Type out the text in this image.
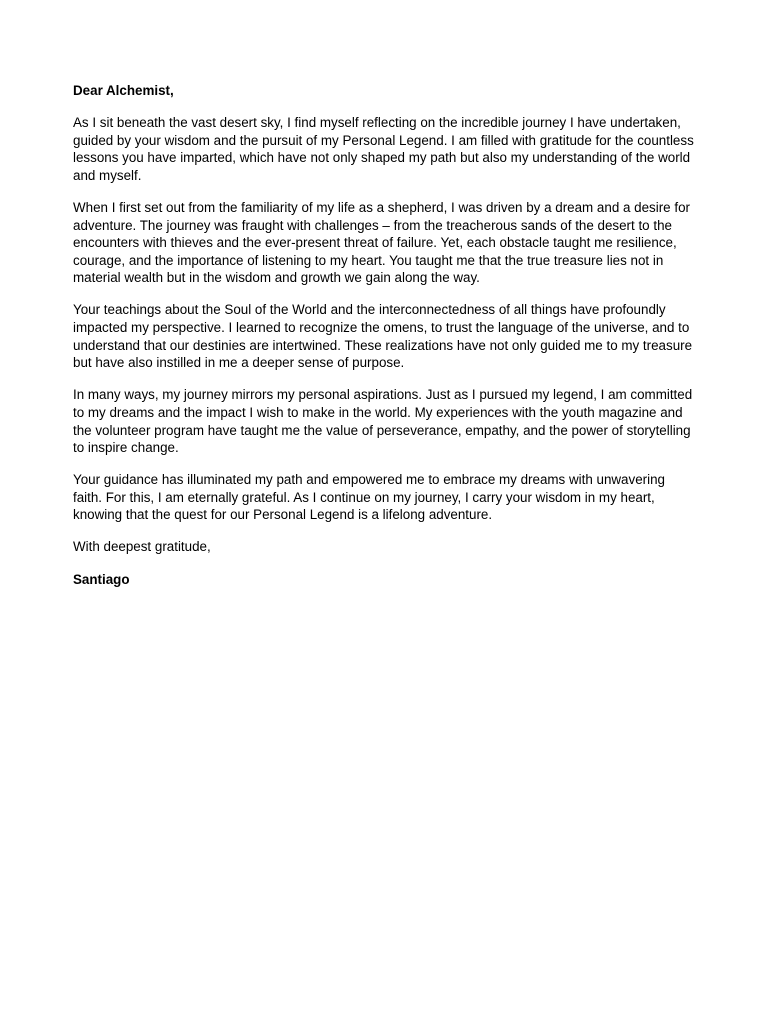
Dear Alchemist,

As I sit beneath the vast desert sky, I find myself reflecting on the incredible journey I have undertaken, guided by your wisdom and the pursuit of my Personal Legend. I am filled with gratitude for the countless lessons you have imparted, which have not only shaped my path but also my understanding of the world and myself.

When I first set out from the familiarity of my life as a shepherd, I was driven by a dream and a desire for adventure. The journey was fraught with challenges – from the treacherous sands of the desert to the encounters with thieves and the ever-present threat of failure. Yet, each obstacle taught me resilience, courage, and the importance of listening to my heart. You taught me that the true treasure lies not in material wealth but in the wisdom and growth we gain along the way.

Your teachings about the Soul of the World and the interconnectedness of all things have profoundly impacted my perspective. I learned to recognize the omens, to trust the language of the universe, and to understand that our destinies are intertwined. These realizations have not only guided me to my treasure but have also instilled in me a deeper sense of purpose.

In many ways, my journey mirrors my personal aspirations. Just as I pursued my legend, I am committed to my dreams and the impact I wish to make in the world. My experiences with the youth magazine and the volunteer program have taught me the value of perseverance, empathy, and the power of storytelling to inspire change.

Your guidance has illuminated my path and empowered me to embrace my dreams with unwavering faith. For this, I am eternally grateful. As I continue on my journey, I carry your wisdom in my heart, knowing that the quest for our Personal Legend is a lifelong adventure.

With deepest gratitude,

Santiago
